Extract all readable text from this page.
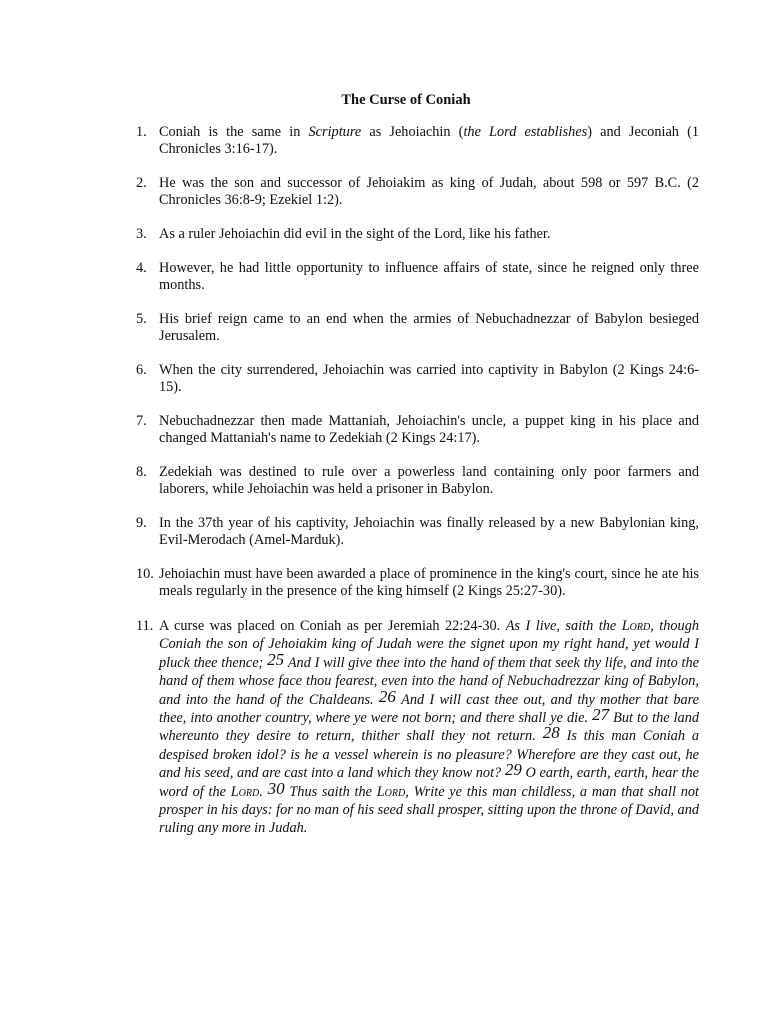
The Curse of Coniah
1. Coniah is the same in Scripture as Jehoiachin (the Lord establishes) and Jeconiah (1 Chronicles 3:16-17).
2. He was the son and successor of Jehoiakim as king of Judah, about 598 or 597 B.C. (2 Chronicles 36:8-9; Ezekiel 1:2).
3. As a ruler Jehoiachin did evil in the sight of the Lord, like his father.
4. However, he had little opportunity to influence affairs of state, since he reigned only three months.
5. His brief reign came to an end when the armies of Nebuchadnezzar of Babylon besieged Jerusalem.
6. When the city surrendered, Jehoiachin was carried into captivity in Babylon (2 Kings 24:6-15).
7. Nebuchadnezzar then made Mattaniah, Jehoiachin's uncle, a puppet king in his place and changed Mattaniah's name to Zedekiah (2 Kings 24:17).
8. Zedekiah was destined to rule over a powerless land containing only poor farmers and laborers, while Jehoiachin was held a prisoner in Babylon.
9. In the 37th year of his captivity, Jehoiachin was finally released by a new Babylonian king, Evil-Merodach (Amel-Marduk).
10. Jehoiachin must have been awarded a place of prominence in the king's court, since he ate his meals regularly in the presence of the king himself (2 Kings 25:27-30).
11. A curse was placed on Coniah as per Jeremiah 22:24-30. As I live, saith the Lord, though Coniah the son of Jehoiakim king of Judah were the signet upon my right hand, yet would I pluck thee thence; 25 And I will give thee into the hand of them that seek thy life, and into the hand of them whose face thou fearest, even into the hand of Nebuchadrezzar king of Babylon, and into the hand of the Chaldeans. 26 And I will cast thee out, and thy mother that bare thee, into another country, where ye were not born; and there shall ye die. 27 But to the land whereunto they desire to return, thither shall they not return. 28 Is this man Coniah a despised broken idol? is he a vessel wherein is no pleasure? Wherefore are they cast out, he and his seed, and are cast into a land which they know not? 29 O earth, earth, earth, hear the word of the Lord. 30 Thus saith the Lord, Write ye this man childless, a man that shall not prosper in his days: for no man of his seed shall prosper, sitting upon the throne of David, and ruling any more in Judah.
